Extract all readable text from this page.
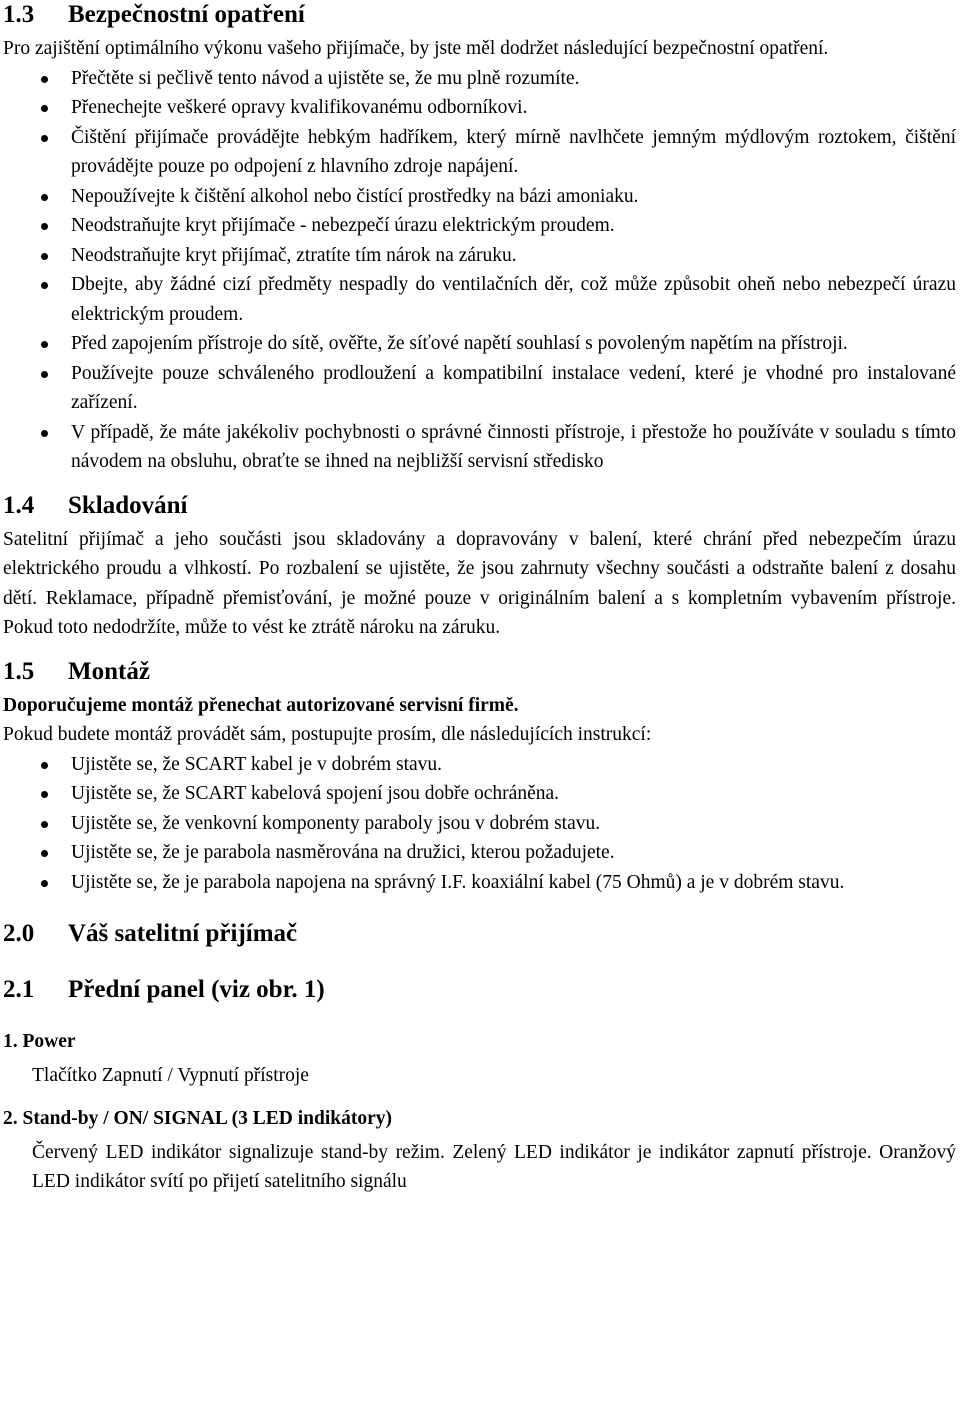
1.3	Bezpečnostní opatření

Pro zajištění optimálního výkonu vašeho přijímače, by jste měl dodržet následující bezpečnostní opatření.

Přečtěte si pečlivě tento návod a ujistěte se, že mu plně rozumíte.
Přenechejte veškeré opravy kvalifikovanému odborníkovi.
Čištění přijímače provádějte hebkým hadříkem, který mírně navlhčete jemným mýdlovým roztokem, čištění provádějte pouze po odpojení z hlavního zdroje napájení.
Nepoužívejte k čištění alkohol nebo čistící prostředky na bázi amoniaku.
Neodstraňujte kryt přijímače - nebezpečí úrazu elektrickým proudem.
Neodstraňujte kryt přijímač, ztratíte tím nárok na záruku.
Dbejte, aby žádné cizí předměty nespadly do ventilačních děr, což může způsobit oheň nebo nebezpečí úrazu elektrickým proudem.
Před zapojením přístroje do sítě, ověřte, že síťové napětí souhlasí s povoleným napětím na přístroji.
Používejte pouze schváleného prodloužení a kompatibilní instalace vedení, které je vhodné pro instalované zařízení.
V případě, že máte jakékoliv pochybnosti o správné činnosti přístroje, i přestože ho používáte v souladu s tímto návodem na obsluhu, obraťte se ihned na nejbližší servisní středisko
1.4	Skladování

Satelitní přijímač a jeho součásti jsou skladovány a dopravovány v balení, které chrání před nebezpečím úrazu elektrického proudu a vlhkostí. Po rozbalení se ujistěte, že jsou zahrnuty všechny součásti a odstraňte balení z dosahu dětí. Reklamace, případně přemisťování, je možné pouze v originálním balení a s kompletním vybavením přístroje. Pokud toto nedodržíte, může to vést ke ztrátě nároku na záruku.

1.5	Montáž

Doporučujeme montáž přenechat autorizované servisní firmě.

Pokud budete montáž provádět sám, postupujte prosím, dle následujících instrukcí:

Ujistěte se, že SCART kabel je v dobrém stavu.
Ujistěte se, že SCART kabelová spojení jsou dobře ochráněna.
Ujistěte se, že venkovní komponenty paraboly jsou v dobrém stavu.
Ujistěte se, že je parabola nasměrována na družici, kterou požadujete.
Ujistěte se, že je parabola napojena na správný I.F. koaxiální kabel (75 Ohmů) a je v dobrém stavu.
2.0	Váš satelitní přijímač
2.1	Přední panel (viz obr. 1)

1. Power

Tlačítko Zapnutí / Vypnutí přístroje

2. Stand-by / ON/ SIGNAL (3 LED indikátory)

Červený LED indikátor signalizuje stand-by režim. Zelený LED indikátor je indikátor zapnutí přístroje. Oranžový LED indikátor svítí po přijetí satelitního signálu
